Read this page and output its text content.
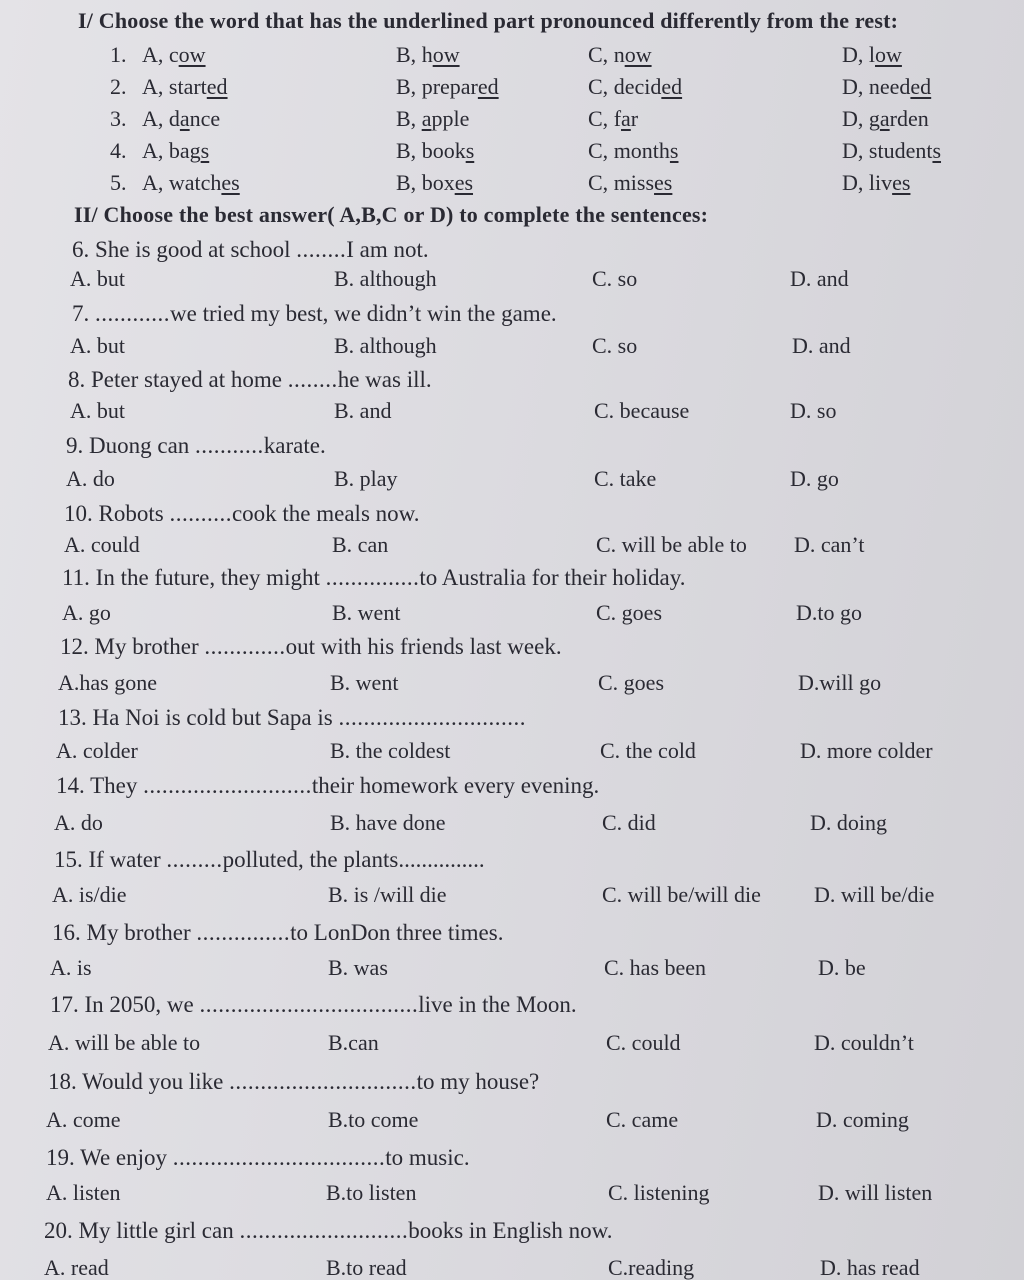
I/ Choose the word that has the underlined part pronounced differently from the rest:
1. A, cow	B, how	C, now	D, low
2. A, started	B, prepared	C, decided	D, needed
3. A, dance	B, apple	C, far	D, garden
4. A, bags	B, books	C, months	D, students
5. A, watches	B, boxes	C, misses	D, lives
II/ Choose the best answer( A,B,C or D) to complete the sentences:
6. She is good at school ........I am not.
A. but	B. although	C. so	D. and
7. ............we tried my best, we didn’t win the game.
A. but	B. although	C. so	D. and
8. Peter stayed at home ........he was ill.
A. but	B. and	C. because	D. so
9. Duong can ...........karate.
A. do	B. play	C. take	D. go
10. Robots ..........cook the meals now.
A. could	B. can	C. will be able to D. can’t
11. In the future, they might ...............to Australia for their holiday.
A. go	B. went	C. goes	D.to go
12. My brother .............out with his friends last week.
A.has gone	B. went	C. goes	D.will go
13. Ha Noi is cold but Sapa is ..............................
A. colder	B. the coldest	C. the cold	D. more colder
14. They ...........................their homework every evening.
A. do	B. have done	C. did	D. doing
15. If water .........polluted, the plants...............
A. is/die	B. is /will die	C. will be/will die D. will be/die
16. My brother ...............to LonDon three times.
A. is	B. was	C. has been	D. be
17. In 2050, we ...................................live in the Moon.
A. will be able to	B.can	C. could	D. couldn’t
18. Would you like ..............................to my house?
A. come	B.to come	C. came	D. coming
19. We enjoy ..................................to music.
A. listen	B.to listen	C. listening	D. will listen
20. My little girl can ...........................books in English now.
A. read	B.to read	C.reading	D. has read
